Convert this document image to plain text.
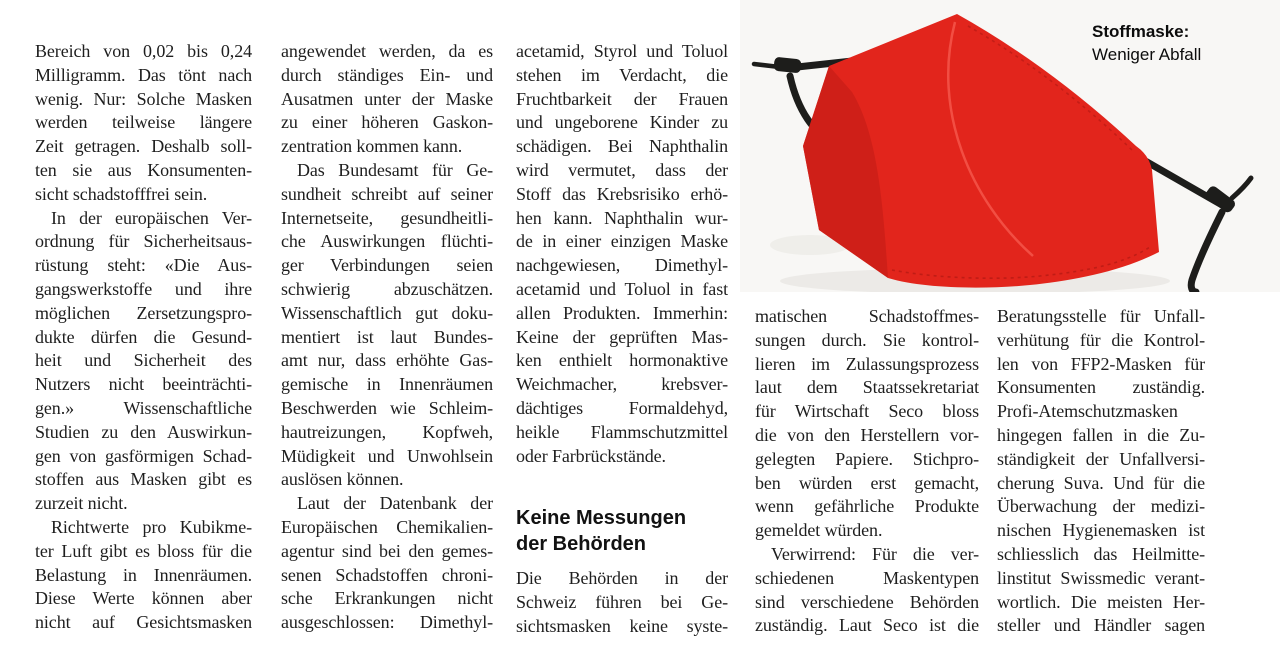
Stoffmaske:
Weniger Abfall
Bereich von 0,02 bis 0,24
Milligramm. Das tönt nach
wenig. Nur: Solche Masken
werden teilweise längere
Zeit getragen. Deshalb soll-
ten sie aus Konsumenten-
sicht schadstofffrei sein.
In der europäischen Ver-
ordnung für Sicherheitsaus-
rüstung steht: «Die Aus-
gangswerkstoffe und ihre
möglichen Zersetzungspro-
dukte dürfen die Gesund-
heit und Sicherheit des
Nutzers nicht beeinträchti-
gen.» Wissenschaftliche
Studien zu den Auswirkun-
gen von gasförmigen Schad-
stoffen aus Masken gibt es
zurzeit nicht.
Richtwerte pro Kubikme-
ter Luft gibt es bloss für die
Belastung in Innenräumen.
Diese Werte können aber
nicht auf Gesichtsmasken
angewendet werden, da es
durch ständiges Ein- und
Ausatmen unter der Maske
zu einer höheren Gaskon-
zentration kommen kann.
Das Bundesamt für Ge-
sundheit schreibt auf seiner
Internetseite, gesundheitli-
che Auswirkungen flüchti-
ger Verbindungen seien
schwierig abzuschätzen.
Wissenschaftlich gut doku-
mentiert ist laut Bundes-
amt nur, dass erhöhte Gas-
gemische in Innenräumen
Beschwerden wie Schleim-
hautreizungen, Kopfweh,
Müdigkeit und Unwohlsein
auslösen können.
Laut der Datenbank der
Europäischen Chemikalien-
agentur sind bei den gemes-
senen Schadstoffen chroni-
sche Erkrankungen nicht
ausgeschlossen: Dimethyl-
acetamid, Styrol und Toluol
stehen im Verdacht, die
Fruchtbarkeit der Frauen
und ungeborene Kinder zu
schädigen. Bei Naphthalin
wird vermutet, dass der
Stoff das Krebsrisiko erhö-
hen kann. Naphthalin wur-
de in einer einzigen Maske
nachgewiesen, Dimethyl-
acetamid und Toluol in fast
allen Produkten. Immerhin:
Keine der geprüften Mas-
ken enthielt hormonaktive
Weichmacher, krebsver-
dächtiges Formaldehyd,
heikle Flammschutzmittel
oder Farbrückstände.
Keine Messungen
der Behörden
Die Behörden in der
Schweiz führen bei Ge-
sichtsmasken keine syste-
matischen Schadstoffmes-
sungen durch. Sie kontrol-
lieren im Zulassungsprozess
laut dem Staatssekretariat
für Wirtschaft Seco bloss
die von den Herstellern vor-
gelegten Papiere. Stichpro-
ben würden erst gemacht,
wenn gefährliche Produkte
gemeldet würden.
Verwirrend: Für die ver-
schiedenen Maskentypen
sind verschiedene Behörden
zuständig. Laut Seco ist die
Beratungsstelle für Unfall-
verhütung für die Kontrol-
len von FFP2-Masken für
Konsumenten zuständig.
Profi-Atemschutzmasken
hingegen fallen in die Zu-
ständigkeit der Unfallversi-
cherung Suva. Und für die
Überwachung der medizi-
nischen Hygienemasken ist
schliesslich das Heilmitte-
linstitut Swissmedic verant-
wortlich. Die meisten Her-
steller und Händler sagen
